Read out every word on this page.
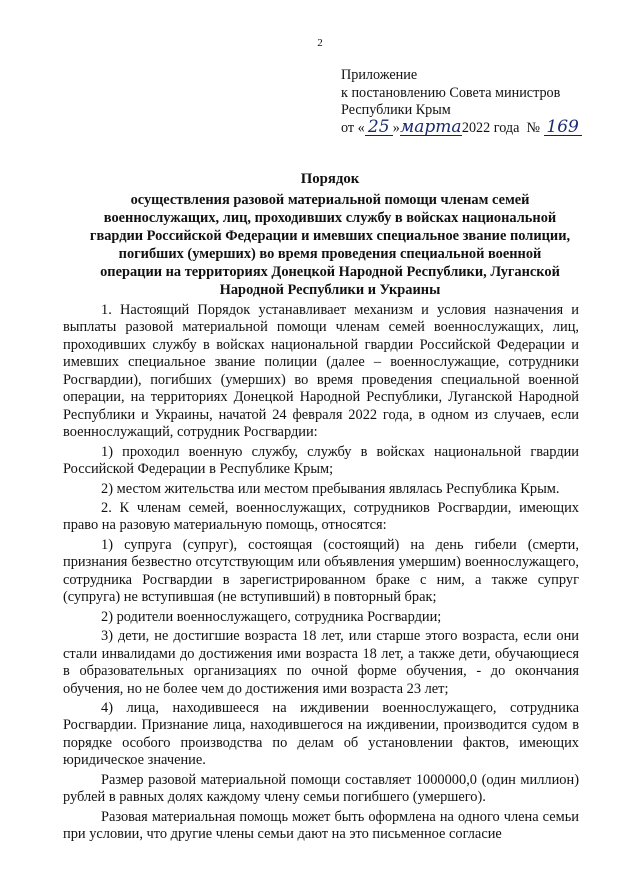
2
Приложение
к постановлению Совета министров
Республики Крым
от « 25 »марта2022 года № 169
Порядок
осуществления разовой материальной помощи членам семей
военнослужащих, лиц, проходивших службу в войсках национальной
гвардии Российской Федерации и имевших специальное звание полиции,
погибших (умерших) во время проведения специальной военной
операции на территориях Донецкой Народной Республики, Луганской
Народной Республики и Украины

1. Настоящий Порядок устанавливает механизм и условия назначения и выплаты разовой материальной помощи членам семей военнослужащих, лиц, проходивших службу в войсках национальной гвардии Российской Федерации и имевших специальное звание полиции (далее – военнослужащие, сотрудники Росгвардии), погибших (умерших) во время проведения специальной военной операции, на территориях Донецкой Народной Республики, Луганской Народной Республики и Украины, начатой 24 февраля 2022 года, в одном из случаев, если военнослужащий, сотрудник Росгвардии:

1) проходил военную службу, службу в войсках национальной гвардии Российской Федерации в Республике Крым;

2) местом жительства или местом пребывания являлась Республика Крым.

2. К членам семей, военнослужащих, сотрудников Росгвардии, имеющих право на разовую материальную помощь, относятся:

1) супруга (супруг), состоящая (состоящий) на день гибели (смерти, признания безвестно отсутствующим или объявления умершим) военнослужащего, сотрудника Росгвардии в зарегистрированном браке с ним, а также супруг (супруга) не вступившая (не вступивший) в повторный брак;

2) родители военнослужащего, сотрудника Росгвардии;

3) дети, не достигшие возраста 18 лет, или старше этого возраста, если они стали инвалидами до достижения ими возраста 18 лет, а также дети, обучающиеся в образовательных организациях по очной форме обучения, - до окончания обучения, но не более чем до достижения ими возраста 23 лет;

4) лица, находившееся на иждивении военнослужащего, сотрудника Росгвардии. Признание лица, находившегося на иждивении, производится судом в порядке особого производства по делам об установлении фактов, имеющих юридическое значение.

Размер разовой материальной помощи составляет 1000000,0 (один миллион) рублей в равных долях каждому члену семьи погибшего (умершего).

Разовая материальная помощь может быть оформлена на одного члена семьи при условии, что другие члены семьи дают на это письменное согласие
